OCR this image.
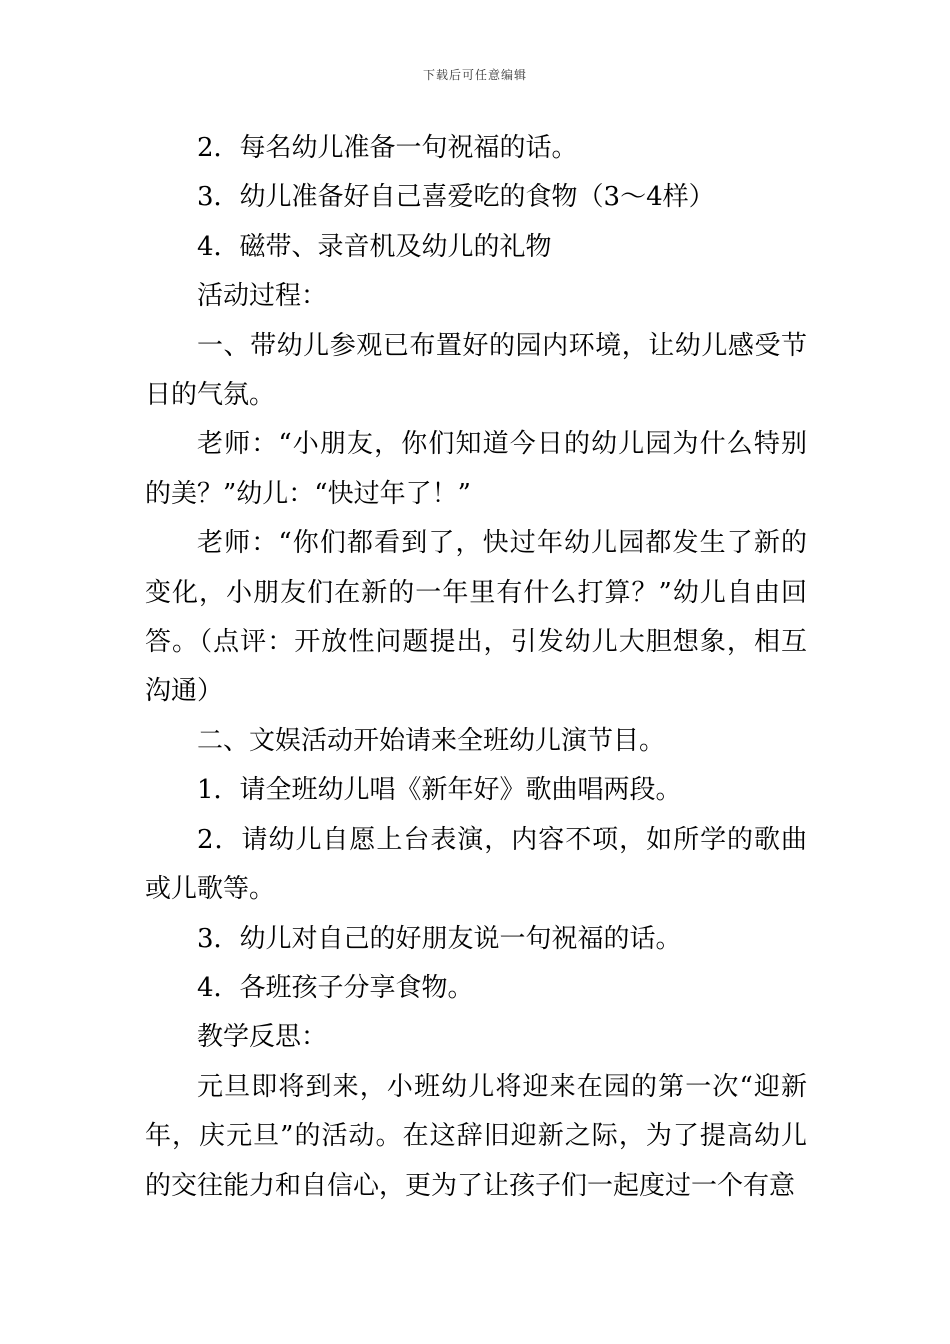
下载后可任意编辑

2．每名幼儿准备一句祝福的话。

3．幼儿准备好自己喜爱吃的食物（3～4样）

4．磁带、录音机及幼儿的礼物

活动过程：

一、带幼儿参观已布置好的园内环境，让幼儿感受节日的气氛。

老师：“小朋友，你们知道今日的幼儿园为什么特别的美？”幼儿：“快过年了！”

老师：“你们都看到了，快过年幼儿园都发生了新的变化，小朋友们在新的一年里有什么打算？”幼儿自由回答。（点评：开放性问题提出，引发幼儿大胆想象，相互沟通）

二、文娱活动开始请来全班幼儿演节目。

1．请全班幼儿唱《新年好》歌曲唱两段。

2．请幼儿自愿上台表演，内容不项，如所学的歌曲或儿歌等。

3．幼儿对自己的好朋友说一句祝福的话。

4．各班孩子分享食物。

教学反思：

元旦即将到来，小班幼儿将迎来在园的第一次“迎新年，庆元旦”的活动。在这辞旧迎新之际，为了提高幼儿的交往能力和自信心，更为了让孩子们一起度过一个有意
